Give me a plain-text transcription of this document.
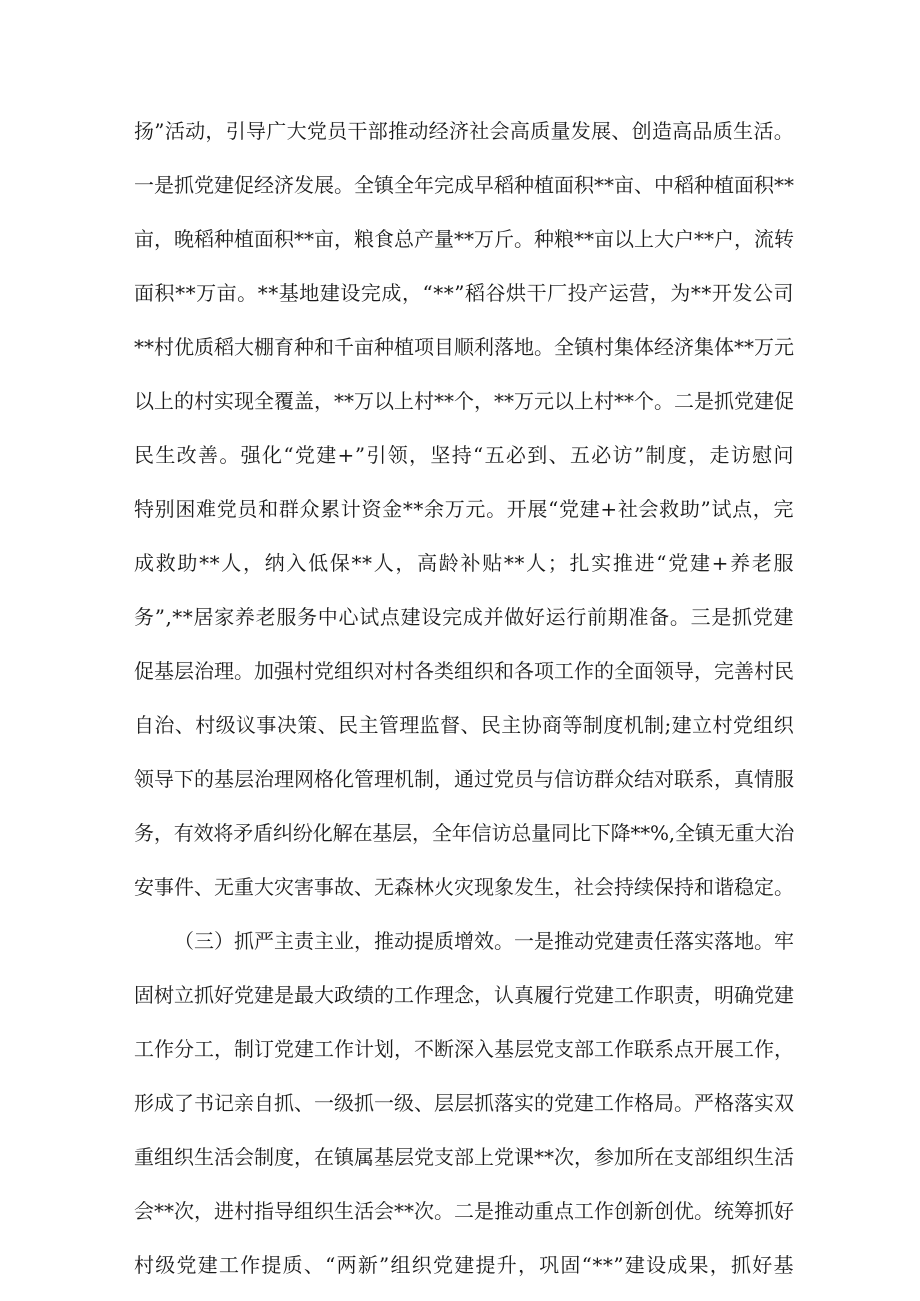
扬”活动，引导广大党员干部推动经济社会高质量发展、创造高品质生活。
一是抓党建促经济发展。全镇全年完成早稻种植面积**亩、中稻种植面积**
亩，晚稻种植面积**亩，粮食总产量**万斤。种粮**亩以上大户**户，流转
面积**万亩。**基地建设完成，“**”稻谷烘干厂投产运营，为**开发公司
**村优质稻大棚育种和千亩种植项目顺利落地。全镇村集体经济集体**万元
以上的村实现全覆盖，**万以上村**个，**万元以上村**个。二是抓党建促
民生改善。强化“党建+”引领，坚持“五必到、五必访”制度，走访慰问
特别困难党员和群众累计资金**余万元。开展“党建+社会救助”试点，完
成救助**人，纳入低保**人，高龄补贴**人；扎实推进“党建+养老服
务”,**居家养老服务中心试点建设完成并做好运行前期准备。三是抓党建
促基层治理。加强村党组织对村各类组织和各项工作的全面领导，完善村民
自治、村级议事决策、民主管理监督、民主协商等制度机制;建立村党组织
领导下的基层治理网格化管理机制，通过党员与信访群众结对联系，真情服
务，有效将矛盾纠纷化解在基层，全年信访总量同比下降**%,全镇无重大治
安事件、无重大灾害事故、无森林火灾现象发生，社会持续保持和谐稳定。
（三）抓严主责主业，推动提质增效。一是推动党建责任落实落地。牢
固树立抓好党建是最大政绩的工作理念，认真履行党建工作职责，明确党建
工作分工，制订党建工作计划，不断深入基层党支部工作联系点开展工作，
形成了书记亲自抓、一级抓一级、层层抓落实的党建工作格局。严格落实双
重组织生活会制度，在镇属基层党支部上党课**次，参加所在支部组织生活
会**次，进村指导组织生活会**次。二是推动重点工作创新创优。统筹抓好
村级党建工作提质、“两新”组织党建提升，巩固“**”建设成果，抓好基
